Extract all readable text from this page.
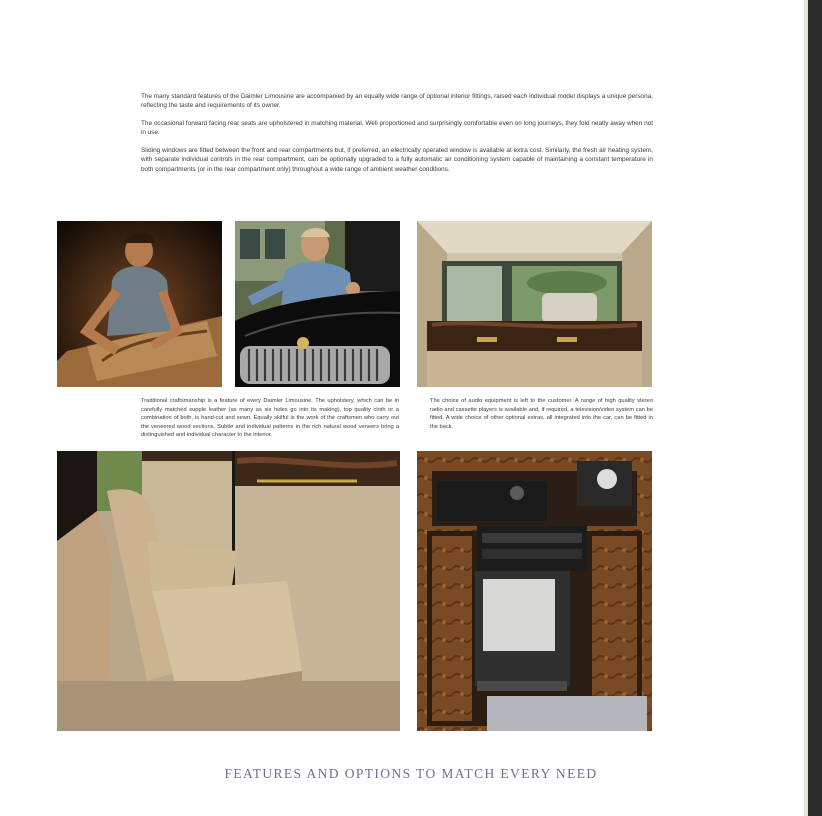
The many standard features of the Daimler Limousine are accompanied by an equally wide range of optional interior fittings, raised each individual model displays a unique persona, reflecting the taste and requirements of its owner.

The occasional forward facing rear seats are upholstered in matching material. Well proportioned and surprisingly comfortable even on long journeys, they fold neatly away when not in use.

Sliding windows are fitted between the front and rear compartments but, if preferred, an electrically operated window is available at extra cost. Similarly, the fresh air heating system, with separate individual controls in the rear compartment, can be optionally upgraded to a fully automatic air conditioning system capable of maintaining a constant temperature in both compartments (or in the rear compartment only) throughout a wide range of ambient weather conditions.

Traditional craftsmanship is a feature of every Daimler Limousine. The upholstery, which can be in carefully matched supple leather (as many as six hides go into its making), top quality cloth or a combination of both, is hand-cut and sewn. Equally skilful is the work of the craftsmen who carry out the veneered wood sections. Subtle and individual patterns in the rich natural wood veneers bring a distinguished and individual character to the interior.
The choice of audio equipment is left to the customer. A range of high quality stereo radio and cassette players is available and, if required, a television/video system can be fitted. A wide choice of other optional extras, all integrated into the car, can be fitted in the back.
FEATURES AND OPTIONS TO MATCH EVERY NEED
